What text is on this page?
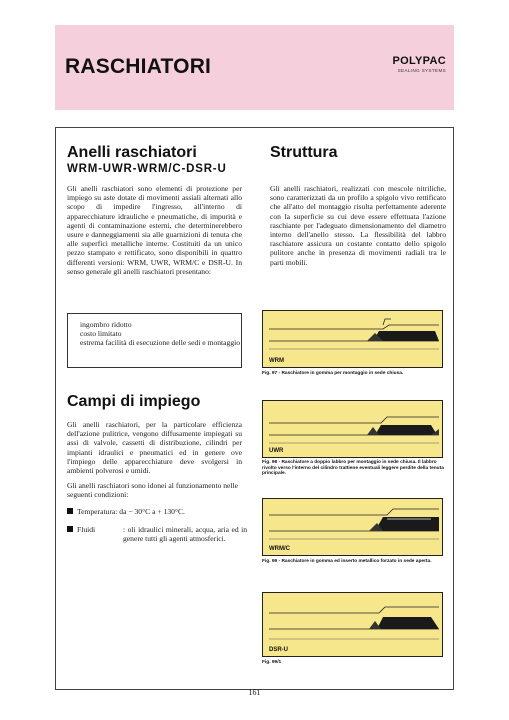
RASCHIATORI	POLYPAC
SEALING SYSTEMS
Anelli raschiatori
WRM-UWR-WRM/C-DSR-U

Gli anelli raschiatori sono elementi di protezione per impiego su aste dotate di movimenti assiali alternati allo scopo di impedire l'ingresso, all'interno di apparecchiature idrauliche e pneumatiche, di impurità e agenti di contaminazione esterni, che determinerebbero usure e danneggiamenti sia alle guarnizioni di tenuta che alle superfici metalliche interne. Costituiti da un unico pezzo stampato e rettificato, sono disponibili in quattro differenti versioni: WRM, UWR, WRM/C e DSR-U. In senso generale gli anelli raschiatori presentano:

ingombro ridotto
costo limitato
estrema facilità di esecuzione delle sedi e montaggio
Struttura

Gli anelli raschiatori, realizzati con mescole nitriliche, sono caratterizzati da un profilo a spigolo vivo rettificato che all'atto del montaggio risulta perfettamente aderente con la superficie su cui deve essere effettuata l'azione raschiante per l'adeguato dimensionamento del diametro interno dell'anello stesso. La flessibilità del labbro raschiatore assicura un costante contatto dello spigolo pulitore anche in presenza di movimenti radiali tra le parti mobili.

Campi di impiego

Gli anelli raschiatori, per la particolare efficienza dell'azione pulitrice, vengono diffusamente impiegati su assi di valvole, cassetti di distribuzione, cilindri per impianti idraulici e pneumatici ed in genere ove l'impiego delle apparecchiature deve svolgersi in ambienti polverosi e umidi.

Gli anelli raschiatori sono idonei al funzionamento nelle seguenti condizioni:

Temperatura: da − 30°C a + 130°C.
Fluidi	: oli idraulici minerali, acqua, aria ed in genere tutti gli agenti atmosferici.
WRM
Fig. 97 - Raschiatore in gomma per montaggio in sede chiusa.
UWR
Fig. 98 - Raschiatore a doppio labbro per montaggio in sede chiusa. Il labbro rivolto verso l'interno del cilindro trattiene eventuali leggere perdite della tenuta principale.
WRM/C
Fig. 99 - Raschiatore in gomma ed inserto metallico forzato in sede aperta.
DSR-U
Fig. 99/1
161
